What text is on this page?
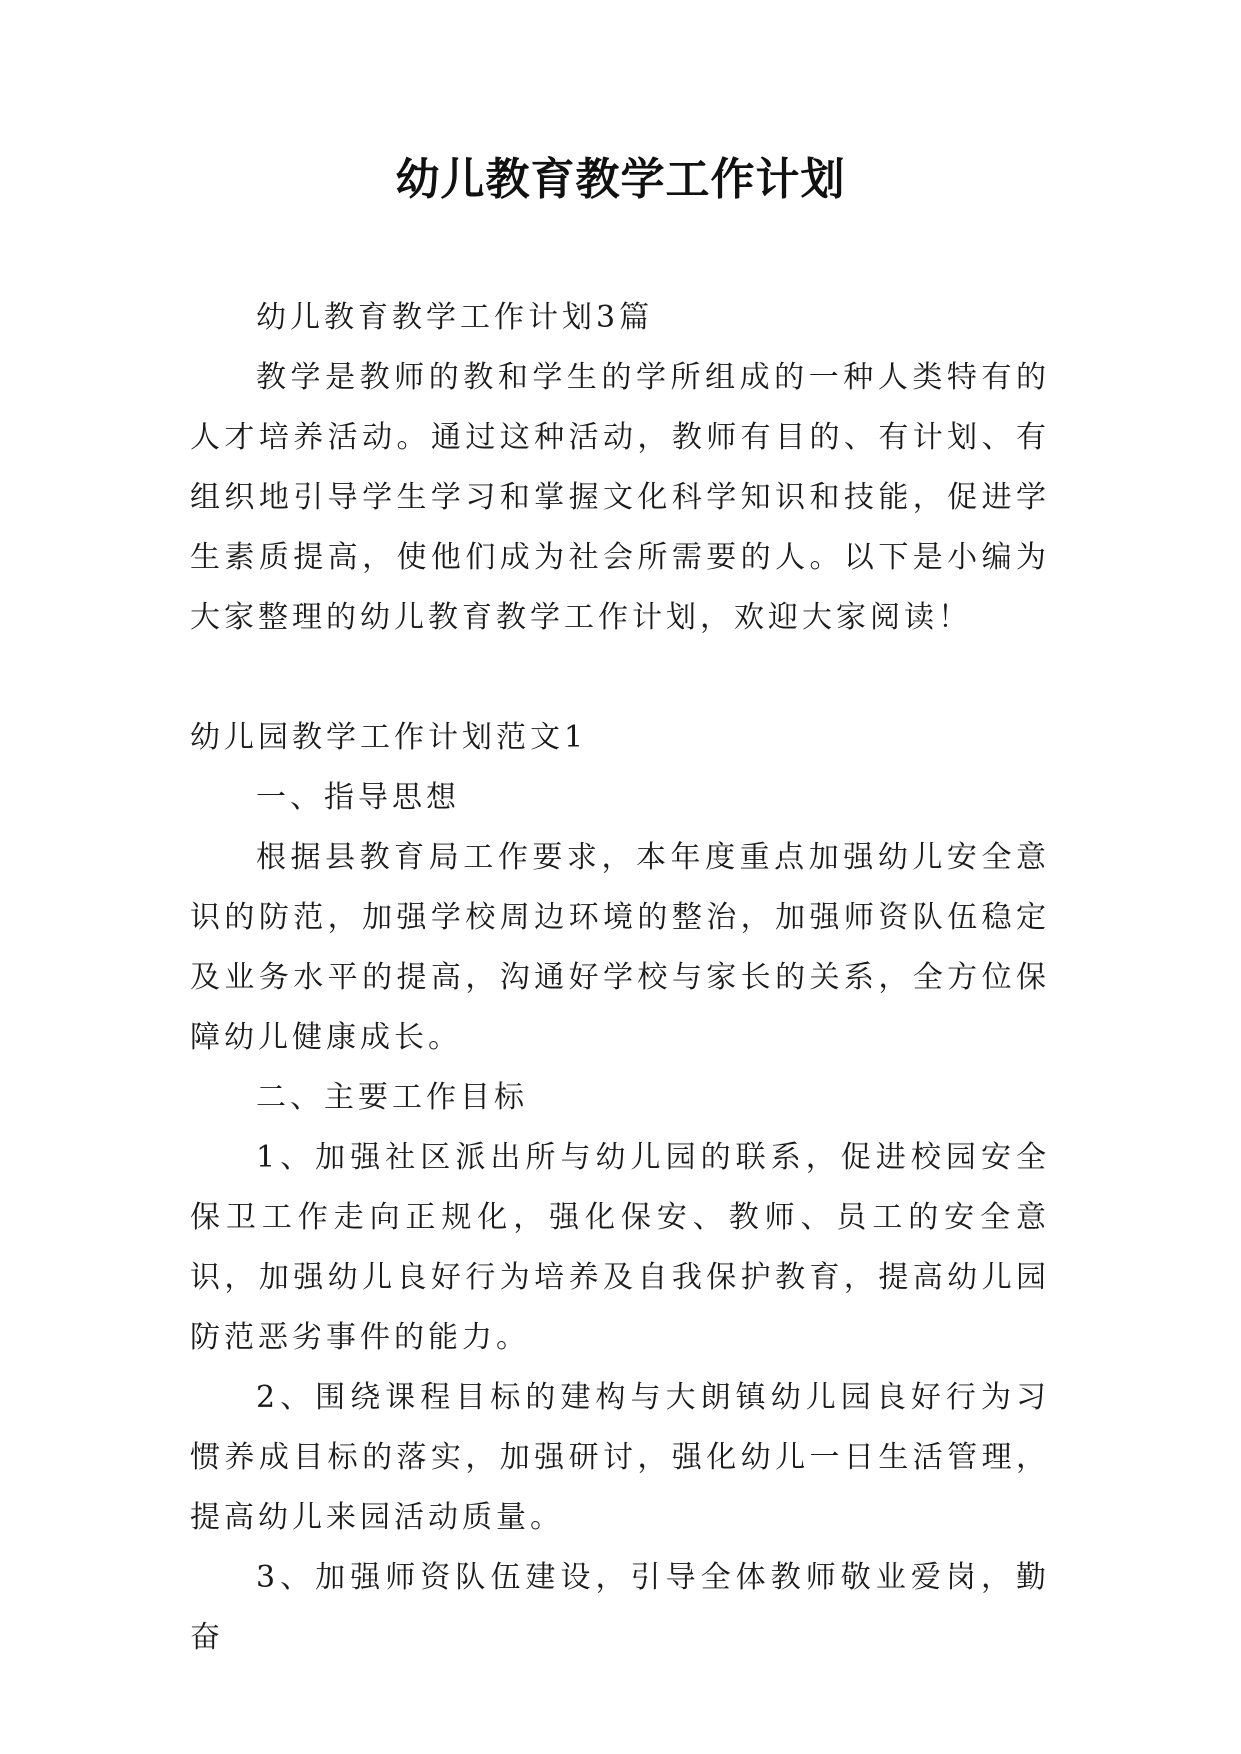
幼儿教育教学工作计划

幼儿教育教学工作计划3篇

教学是教师的教和学生的学所组成的一种人类特有的人才培养活动。通过这种活动，教师有目的、有计划、有组织地引导学生学习和掌握文化科学知识和技能，促进学生素质提高，使他们成为社会所需要的人。以下是小编为大家整理的幼儿教育教学工作计划，欢迎大家阅读！

幼儿园教学工作计划范文1

一、指导思想

根据县教育局工作要求，本年度重点加强幼儿安全意识的防范，加强学校周边环境的整治，加强师资队伍稳定及业务水平的提高，沟通好学校与家长的关系，全方位保障幼儿健康成长。

二、主要工作目标

1、加强社区派出所与幼儿园的联系，促进校园安全保卫工作走向正规化，强化保安、教师、员工的安全意识，加强幼儿良好行为培养及自我保护教育，提高幼儿园防范恶劣事件的能力。

2、围绕课程目标的建构与大朗镇幼儿园良好行为习惯养成目标的落实，加强研讨，强化幼儿一日生活管理，提高幼儿来园活动质量。

3、加强师资队伍建设，引导全体教师敬业爱岗，勤奋
